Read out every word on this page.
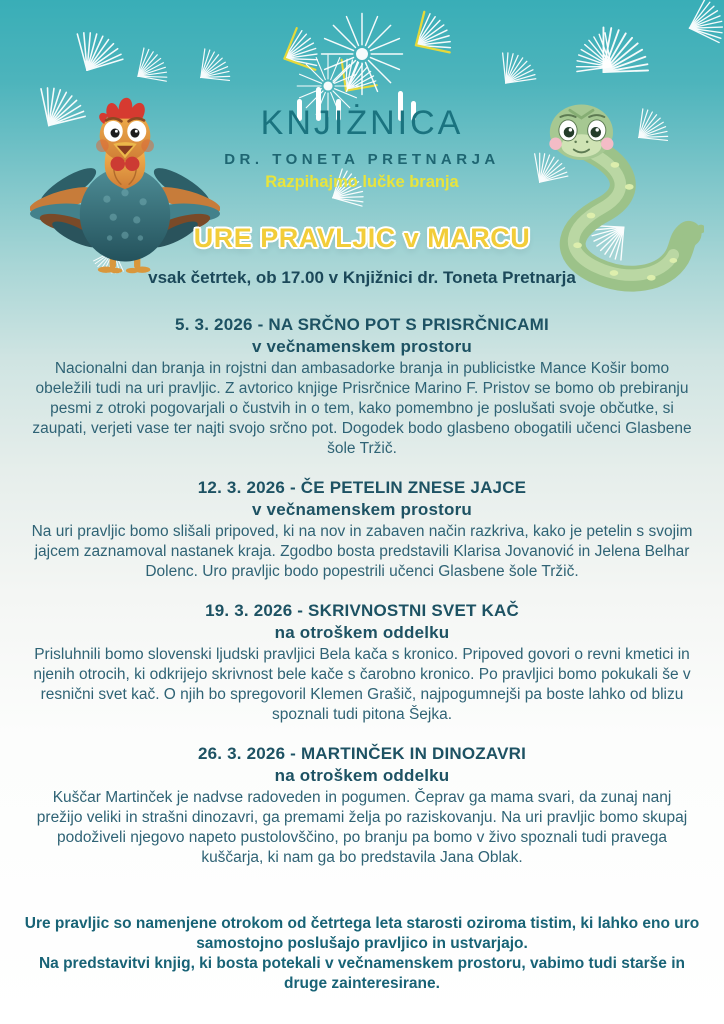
KNJIŻNICA
DR. TONETA PRETNARJA
Razpihajmo lučke branja
URE PRAVLJIC v MARCU
vsak četrtek, ob 17.00 v Knjižnici dr. Toneta Pretnarja
5. 3. 2026 - NA SRČNO POT S PRISRČNICAMI
v večnamenskem prostoru

Nacionalni dan branja in rojstni dan ambasadorke branja in publicistke Mance Košir bomo obeležili tudi na uri pravljic. Z avtorico knjige Prisrčnice Marino F. Pristov se bomo ob prebiranju pesmi z otroki pogovarjali o čustvih in o tem, kako pomembno je poslušati svoje občutke, si zaupati, verjeti vase ter najti svojo srčno pot. Dogodek bodo glasbeno obogatili učenci Glasbene šole Tržič.

12. 3. 2026 - ČE PETELIN ZNESE JAJCE
v večnamenskem prostoru

Na uri pravljic bomo slišali pripoved, ki na nov in zabaven način razkriva, kako je petelin s svojim jajcem zaznamoval nastanek kraja. Zgodbo bosta predstavili Klarisa Jovanović in Jelena Belhar Dolenc. Uro pravljic bodo popestrili učenci Glasbene šole Tržič.

19. 3. 2026 - SKRIVNOSTNI SVET KAČ
na otroškem oddelku

Prisluhnili bomo slovenski ljudski pravljici Bela kača s kronico. Pripoved govori o revni kmetici in njenih otrocih, ki odkrijejo skrivnost bele kače s čarobno kronico. Po pravljici bomo pokukali še v resnični svet kač. O njih bo spregovoril Klemen Grašič, najpogumnejši pa boste lahko od blizu spoznali tudi pitona Šejka.

26. 3. 2026 - MARTINČEK IN DINOZAVRI
na otroškem oddelku

Kuščar Martinček je nadvse radoveden in pogumen. Čeprav ga mama svari, da zunaj nanj prežijo veliki in strašni dinozavri, ga premami želja po raziskovanju. Na uri pravljic bomo skupaj podoživeli njegovo napeto pustolovščino, po branju pa bomo v živo spoznali tudi pravega kuščarja, ki nam ga bo predstavila Jana Oblak.

Ure pravljic so namenjene otrokom od četrtega leta starosti oziroma tistim, ki lahko eno uro samostojno poslušajo pravljico in ustvarjajo.

Na predstavitvi knjig, ki bosta potekali v večnamenskem prostoru, vabimo tudi starše in druge zainteresirane.
